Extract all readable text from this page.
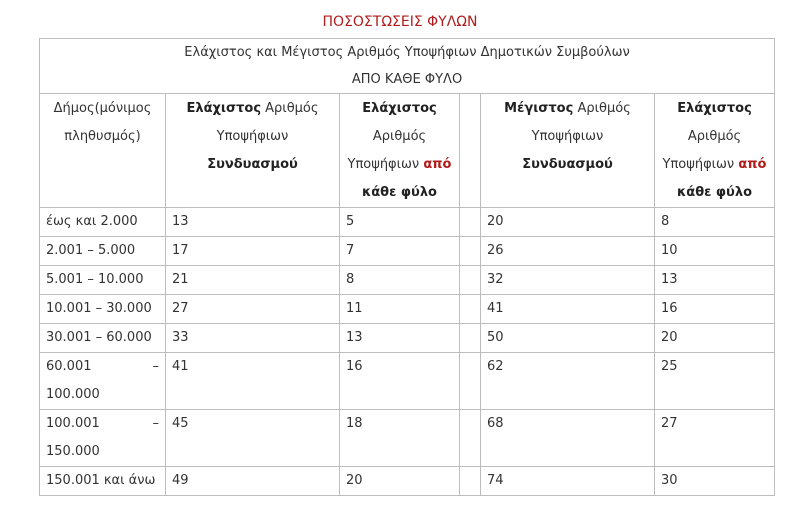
ΠΟΣΟΣΤΩΣΕΙΣ ΦΥΛΩΝ
Ελάχιστος και Μέγιστος Αριθμός Υποψήφιων Δημοτικών Συμβούλων
ΑΠΟ ΚΑΘΕ ΦΥΛΟ					

Δήμος(μόνιμος πληθυσμός)	Ελάχιστος Αριθμός Υποψήφιων Συνδυασμού	Ελάχιστος Αριθμός Υποψήφιων από κάθε φύλο		Μέγιστος Αριθμός Υποψήφιων Συνδυασμού	Ελάχιστος Αριθμός Υποψήφιων από κάθε φύλο
έως και 2.000	13	5		20	8
2.001 – 5.000	17	7		26	10
5.001 – 10.000	21	8		32	13
10.001 – 30.000	27	11		41	16
30.001 – 60.000	33	13		50	20

60.001 –
100.000	41	16		62	25

100.001 –
150.000	45	18		68	27
150.001 και άνω	49	20		74	30
